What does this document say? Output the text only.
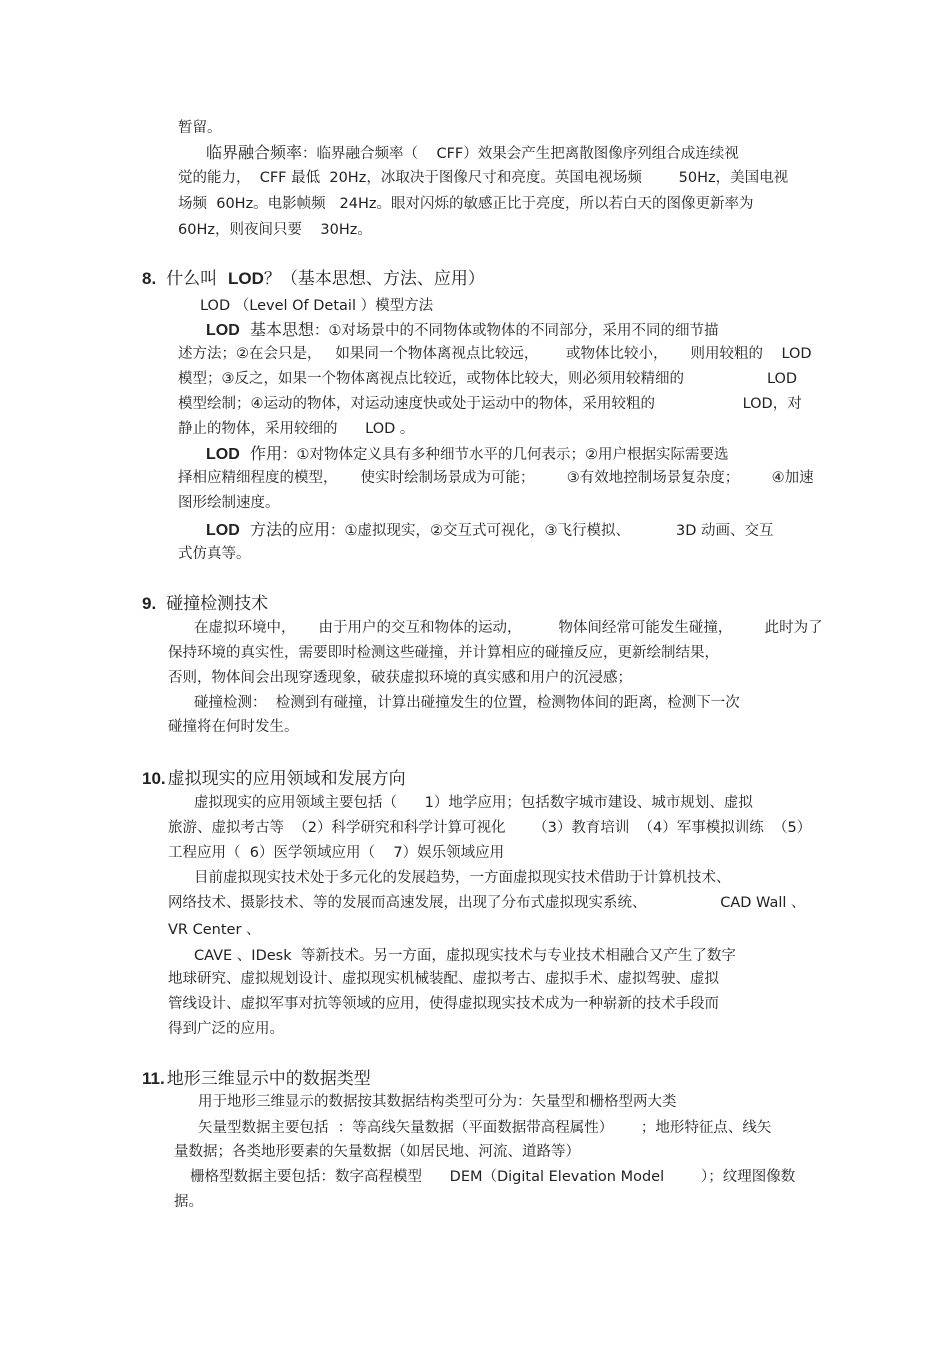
暂留。
临界融合频率：临界融合频率（    CFF）效果会产生把离散图像序列组合成连续视
觉的能力，  CFF 最低  20Hz，冰取决于图像尺寸和亮度。英国电视场频        50Hz，美国电视
场频  60Hz。电影帧频   24Hz。眼对闪烁的敏感正比于亮度，所以若白天的图像更新率为
60Hz，则夜间只要    30Hz。
8. 什么叫  LOD？（基本思想、方法、应用）
LOD （Level Of Detail ）模型方法
LOD  基本思想：①对场景中的不同物体或物体的不同部分，采用不同的细节描
述方法；②在会只是，   如果同一个物体离视点比较远，      或物体比较小，     则用较粗的    LOD
模型；③反之，如果一个物体离视点比较近，或物体比较大，则必须用较精细的                  LOD
模型绘制；④运动的物体，对运动速度快或处于运动中的物体，采用较粗的                   LOD，对
静止的物体，采用较细的      LOD 。
LOD  作用：①对物体定义具有多种细节水平的几何表示；②用户根据实际需要选
择相应精细程度的模型，     使实时绘制场景成为可能；       ③有效地控制场景复杂度；       ④加速
图形绘制速度。
LOD  方法的应用：①虚拟现实，②交互式可视化，③飞行模拟、          3D 动画、交互
式仿真等。
9. 碰撞检测技术
在虚拟环境中，     由于用户的交互和物体的运动，        物体间经常可能发生碰撞，       此时为了
保持环境的真实性，需要即时检测这些碰撞，并计算相应的碰撞反应，更新绘制结果，
否则，物体间会出现穿透现象，破获虚拟环境的真实感和用户的沉浸感；
碰撞检测：  检测到有碰撞，计算出碰撞发生的位置，检测物体间的距离，检测下一次
碰撞将在何时发生。
10. 虚拟现实的应用领域和发展方向
虚拟现实的应用领域主要包括（      1）地学应用；包括数字城市建设、城市规划、虚拟
旅游、虚拟考古等  （2）科学研究和科学计算可视化      （3）教育培训  （4）军事模拟训练  （5）
工程应用（  6）医学领域应用（    7）娱乐领域应用
目前虚拟现实技术处于多元化的发展趋势，一方面虚拟现实技术借助于计算机技术、
网络技术、摄影技术、等的发展而高速发展，出现了分布式虚拟现实系统、                CAD Wall 、
VR Center 、
CAVE 、IDesk  等新技术。另一方面，虚拟现实技术与专业技术相融合又产生了数字
地球研究、虚拟规划设计、虚拟现实机械装配、虚拟考古、虚拟手术、虚拟驾驶、虚拟
管线设计、虚拟军事对抗等领域的应用，使得虚拟现实技术成为一种崭新的技术手段而
得到广泛的应用。
11. 地形三维显示中的数据类型
用于地形三维显示的数据按其数据结构类型可分为：矢量型和栅格型两大类
矢量型数据主要包括  ：等高线矢量数据（平面数据带高程属性）      ；地形特征点、线矢
量数据；各类地形要素的矢量数据（如居民地、河流、道路等）
栅格型数据主要包括：数字高程模型      DEM（Digital Elevation Model        ）；纹理图像数
据。
